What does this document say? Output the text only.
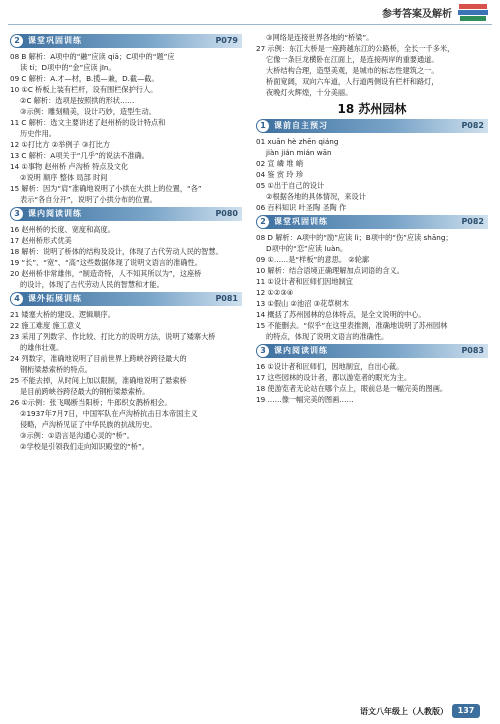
参考答案及解析
2	课堂巩固训练	P079

08 B 解析：A项中的“融”应读 qiā；C项中的“题”应

读 tí；D项中的“金”应读 jīn。

09 C 解析：A.才—材，B.揽—兼，D.截—截。

10 ①C 桥板上装有栏杆，设有围栏保护行人。

②C 解析：选项是按照拱的形状……

③示例：雕刻精美，设计巧妙，造型生动。

11 C 解析：选文主要讲述了赵州桥的设计特点和

历史作用。

12 ①打比方 ②举例子 ③打比方

13 C 解析：A项关于“几乎”的说法不准确。

14 ①事物 赵州桥 卢沟桥 特点及文化

②说明 顺序 整体 局部 时间

15 解析：因为“肩”准确地说明了小拱在大拱上的位置，“各”

表示“各自分开”，说明了小拱分布的位置。

3	课内阅读训练	P080

16 赵州桥的长度、宽度和高度。

17 赵州桥形式优美

18 解析：说明了桥体的结构及设计，体现了古代劳动人民的智慧。

19 “长”、“宽”、“高”这些数据体现了说明文语言的准确性。

20 赵州桥非常雄伟，“制造奇特，人不知其所以为”，这座桥

的设计，体现了古代劳动人民的智慧和才能。

4	课外拓展训练	P081

21 矮塞大桥的建设、逻辑顺序。

22 施工难度 施工意义

23 采用了列数字、作比较、打比方的说明方法，说明了矮寨大桥

的雄伟壮观。

24 列数字，准确地说明了目前世界上跨峡谷跨径最大的

钢桁梁悬索桥的特点。

25 不能去掉，从时间上加以限制，准确地说明了悬索桥

是目前跨峡谷跨径最大的钢桁梁悬索桥。

26 ①示例：张飞喝断当阳桥；牛郎织女鹊桥相会。

②1937年7月7日，中国军队在卢沟桥抗击日本帝国主义

侵略，卢沟桥见证了中华民族的抗战历史。

③示例：①语言是沟通心灵的“桥”。

②学校是引领我们走向知识殿堂的“桥”。

③网络是连接世界各地的“桥梁”。

27 示例：东江大桥是一座跨越东江的公路桥，全长一千多米，

它像一条巨龙横卧在江面上，是连接两岸的重要通道。

大桥结构合理，造型美观，是城市的标志性建筑之一。

桥面宽阔，双向六车道，人行道两侧设有栏杆和路灯，

夜晚灯火辉煌，十分美丽。

18 苏州园林
1	课前自主预习	P082

01 xuān hè zhēn qiáng

jiàn jián mián wān

02 宣 嶙 堆 峭

04 鉴 赏 玲 珍

05 ①出于自己的设计

②根据各地的具体情况，来设计

06 百科知识 叶圣陶 圣陶 作

2	课堂巩固训练	P082

08 D 解析：A项中的“励”应读 lì；B项中的“伤”应读 shāng；

D项中的“恋”应读 luàn。

09 ①……是“样板”的意思。 ②轮廓

10 解析：结合语境正确理解加点词语的含义。

11 ①设计者和匠师们因地制宜

12 ①②③④

13 ①假山 ②池沼 ③花草树木

14 概括了苏州园林的总体特点，是全文说明的中心。

15 不能删去。“似乎”在这里表推测，准确地说明了苏州园林

的特点，体现了说明文语言的准确性。

3	课内阅读训练	P083

16 ①设计者和匠师们，因地制宜，自出心裁。

17 这些园林的设计者，都以游览者的眼光为主。

18 使游览者无论站在哪个点上，眼前总是一幅完美的图画。

19 ……像一幅完美的图画……

语文八年级上（人教版）	137
